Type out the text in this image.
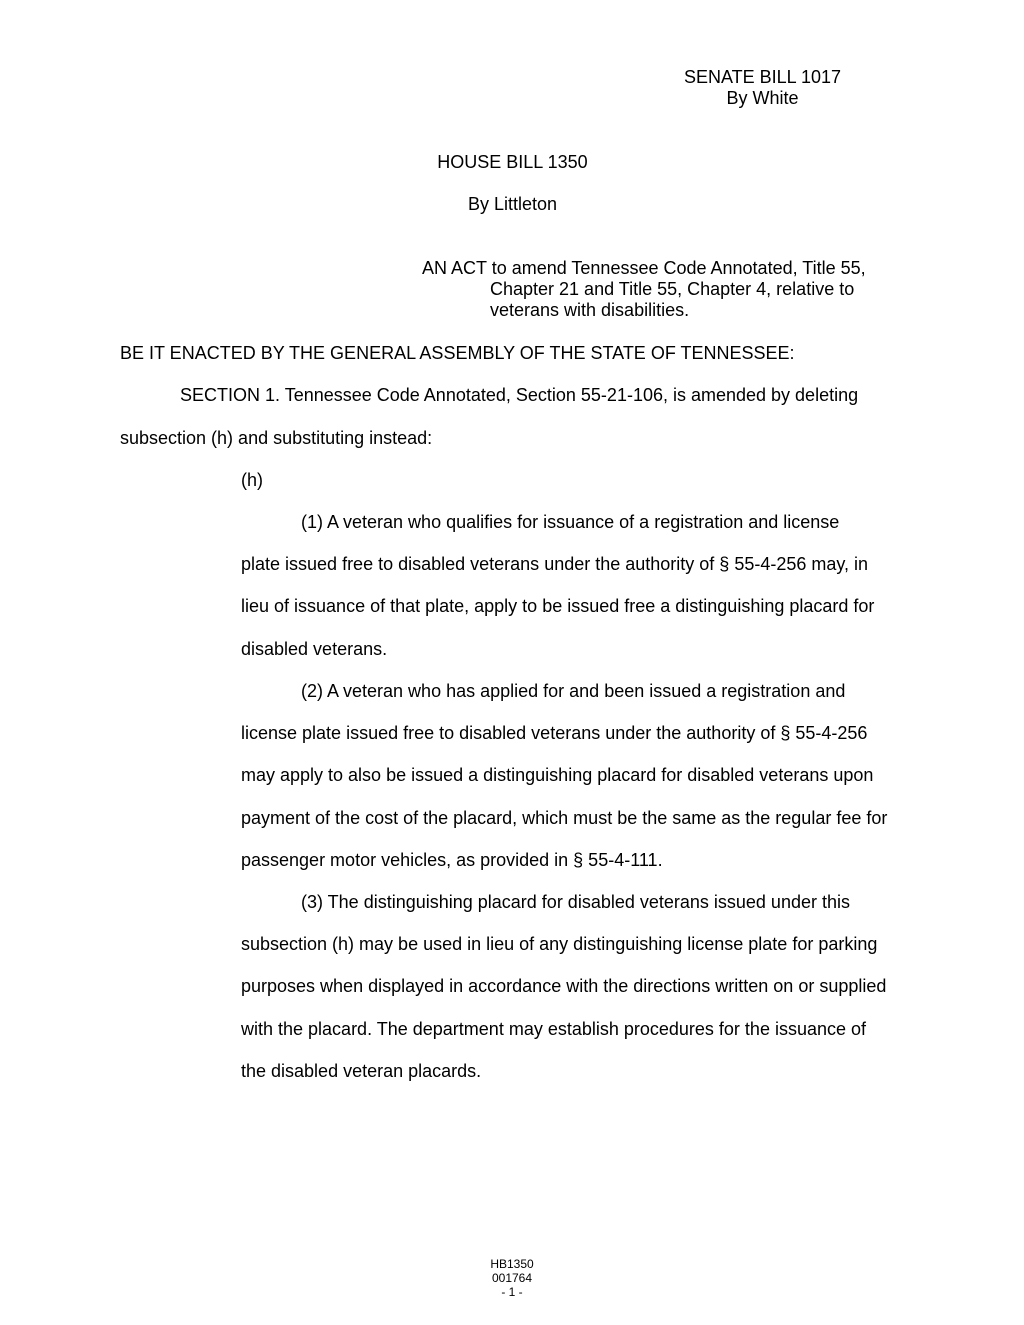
SENATE BILL 1017
By White
HOUSE BILL 1350
By Littleton
AN ACT to amend Tennessee Code Annotated, Title 55,
Chapter 21 and Title 55, Chapter 4, relative to
veterans with disabilities.
BE IT ENACTED BY THE GENERAL ASSEMBLY OF THE STATE OF TENNESSEE:
SECTION 1. Tennessee Code Annotated, Section 55-21-106, is amended by deleting
subsection (h) and substituting instead:
(h)
(1) A veteran who qualifies for issuance of a registration and license
plate issued free to disabled veterans under the authority of § 55-4-256 may, in
lieu of issuance of that plate, apply to be issued free a distinguishing placard for
disabled veterans.
(2) A veteran who has applied for and been issued a registration and
license plate issued free to disabled veterans under the authority of § 55-4-256
may apply to also be issued a distinguishing placard for disabled veterans upon
payment of the cost of the placard, which must be the same as the regular fee for
passenger motor vehicles, as provided in § 55-4-111.
(3) The distinguishing placard for disabled veterans issued under this
subsection (h) may be used in lieu of any distinguishing license plate for parking
purposes when displayed in accordance with the directions written on or supplied
with the placard. The department may establish procedures for the issuance of
the disabled veteran placards.
HB1350
001764
- 1 -
